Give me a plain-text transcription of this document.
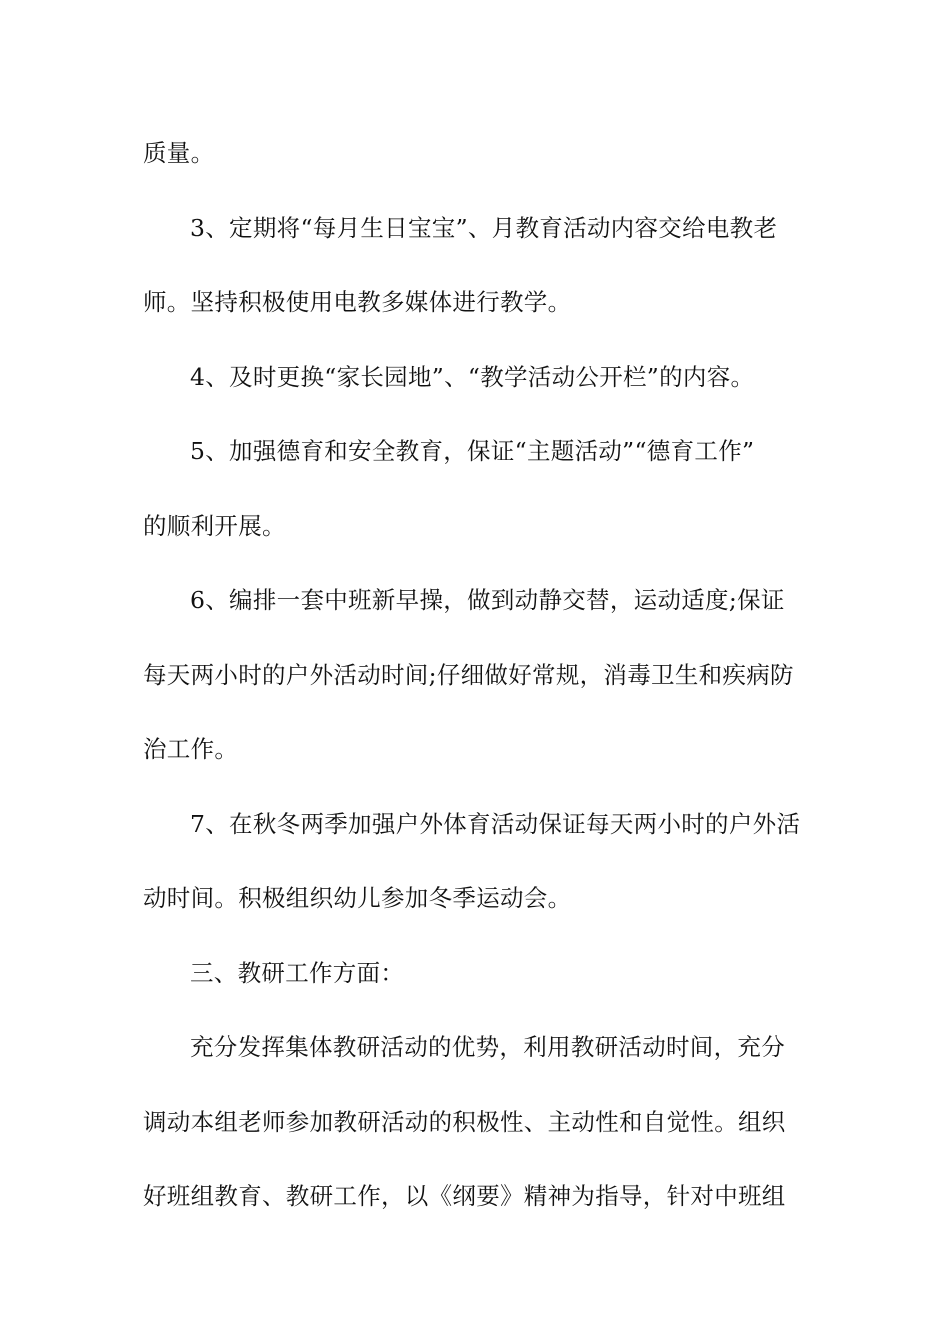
质量。
3、定期将“每月生日宝宝”、月教育活动内容交给电教老
师。坚持积极使用电教多媒体进行教学。
4、及时更换“家长园地”、“教学活动公开栏”的内容。
5、加强德育和安全教育，保证“主题活动”“德育工作”
的顺利开展。
6、编排一套中班新早操，做到动静交替，运动适度;保证
每天两小时的户外活动时间;仔细做好常规，消毒卫生和疾病防
治工作。
7、在秋冬两季加强户外体育活动保证每天两小时的户外活
动时间。积极组织幼儿参加冬季运动会。
三、教研工作方面：
充分发挥集体教研活动的优势，利用教研活动时间，充分
调动本组老师参加教研活动的积极性、主动性和自觉性。组织
好班组教育、教研工作，以《纲要》精神为指导，针对中班组
